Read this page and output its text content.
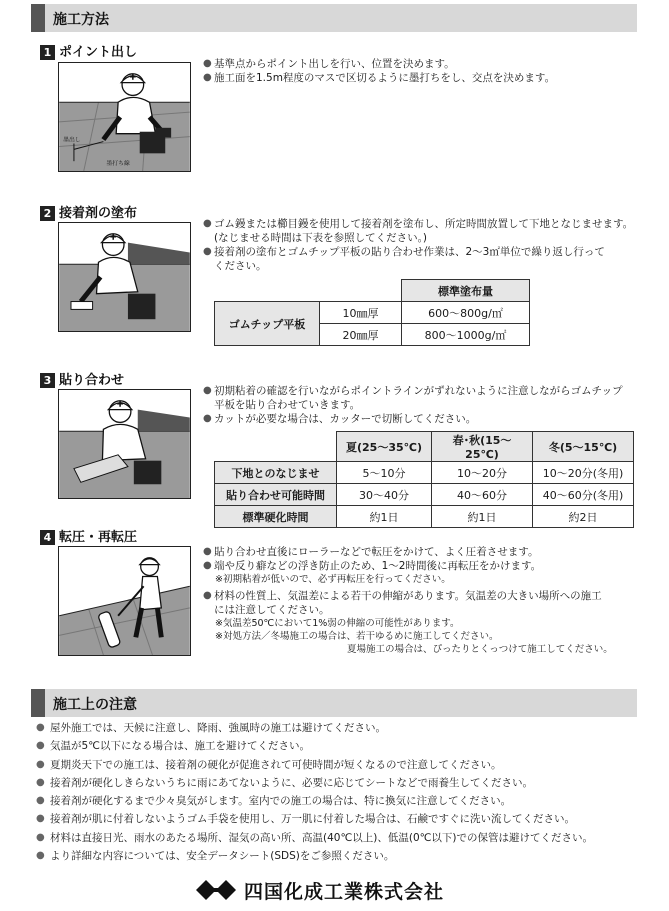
施工方法
1 ポイント出し
墨出し
墨打ち線
● 基準点からポイント出しを行い、位置を決めます。
● 施工面を1.5m程度のマスで区切るように墨打ちをし、交点を決めます。
2 接着剤の塗布
● ゴム鏝または櫛目鏝を使用して接着剤を塗布し、所定時間放置して下地となじませます。
(なじませる時間は下表を参照してください。)
● 接着剤の塗布とゴムチップ平板の貼り合わせ作業は、2～3㎡単位で繰り返し行って
ください。
		標準塗布量
ゴムチップ平板	10㎜厚	600～800g/㎡
	20㎜厚	800～1000g/㎡
3 貼り合わせ
● 初期粘着の確認を行いながらポイントラインがずれないように注意しながらゴムチップ
平板を貼り合わせていきます。
● カットが必要な場合は、カッターで切断してください。
	夏(25～35℃)	春･秋(15～25℃)	冬(5～15℃)
下地とのなじませ	5～10分	10～20分	10～20分(冬用)
貼り合わせ可能時間	30～40分	40～60分	40～60分(冬用)
標準硬化時間	約1日	約1日	約2日
4 転圧・再転圧
● 貼り合わせ直後にローラーなどで転圧をかけて、よく圧着させます。
● 端や反り癖などの浮き防止のため、1～2時間後に再転圧をかけます。
※初期粘着が低いので、必ず再転圧を行ってください。
● 材料の性質上、気温差による若干の伸縮があります。気温差の大きい場所への施工
には注意してください。
※気温差50℃において1%弱の伸縮の可能性があります。
※対処方法／冬場施工の場合は、若干ゆるめに施工してください。
夏場施工の場合は、ぴったりとくっつけて施工してください。
施工上の注意
● 屋外施工では、天候に注意し、降雨、強風時の施工は避けてください。
● 気温が5℃以下になる場合は、施工を避けてください。
● 夏期炎天下での施工は、接着剤の硬化が促進されて可使時間が短くなるので注意してください。
● 接着剤が硬化しきらないうちに雨にあてないように、必要に応じてシートなどで雨養生してください。
● 接着剤が硬化するまで少々臭気がします。室内での施工の場合は、特に換気に注意してください。
● 接着剤が肌に付着しないようゴム手袋を使用し、万一肌に付着した場合は、石鹸ですぐに洗い流してください。
● 材料は直接日光、雨水のあたる場所、湿気の高い所、高温(40℃以上)、低温(0℃以下)での保管は避けてください。
● より詳細な内容については、安全データシート(SDS)をご参照ください。
四国化成工業株式会社
